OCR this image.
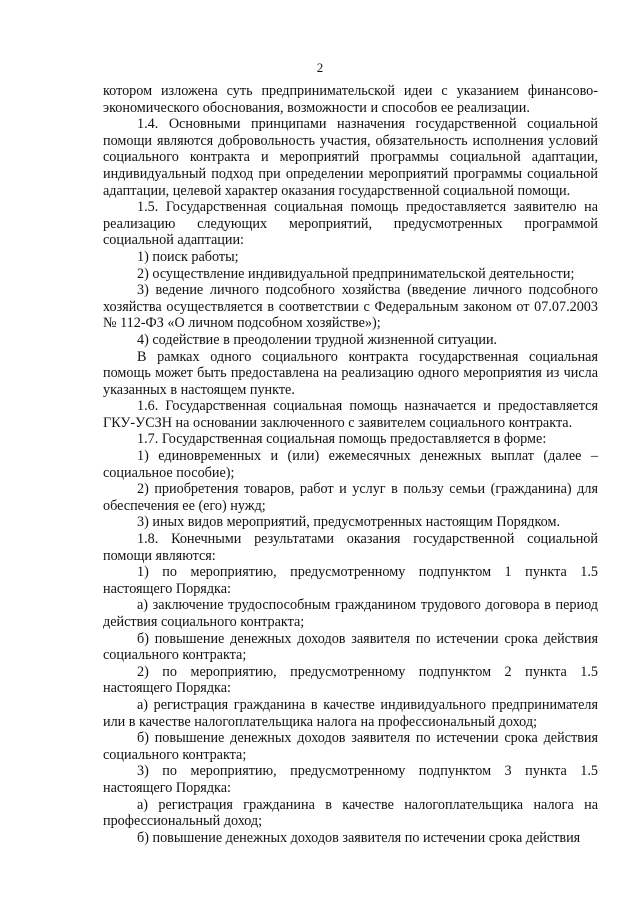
2

котором изложена суть предпринимательской идеи с указанием финансово-экономического обоснования, возможности и способов ее реализации.

1.4. Основными принципами назначения государственной социальной помощи являются добровольность участия, обязательность исполнения условий социального контракта и мероприятий программы социальной адаптации, индивидуальный подход при определении мероприятий программы социальной адаптации, целевой характер оказания государственной социальной помощи.

1.5. Государственная социальная помощь предоставляется заявителю на реализацию следующих мероприятий, предусмотренных программой социальной адаптации:

1) поиск работы;

2) осуществление индивидуальной предпринимательской деятельности;

3) ведение личного подсобного хозяйства (введение личного подсобного хозяйства осуществляется в соответствии с Федеральным законом от 07.07.2003 № 112-ФЗ «О личном подсобном хозяйстве»);

4) содействие в преодолении трудной жизненной ситуации.

В рамках одного социального контракта государственная социальная помощь может быть предоставлена на реализацию одного мероприятия из числа указанных в настоящем пункте.

1.6. Государственная социальная помощь назначается и предоставляется ГКУ-УСЗН на основании заключенного с заявителем социального контракта.

1.7. Государственная социальная помощь предоставляется в форме:

1) единовременных и (или) ежемесячных денежных выплат (далее – социальное пособие);

2) приобретения товаров, работ и услуг в пользу семьи (гражданина) для обеспечения ее (его) нужд;

3) иных видов мероприятий, предусмотренных настоящим Порядком.

1.8. Конечными результатами оказания государственной социальной помощи являются:

1) по мероприятию, предусмотренному подпунктом 1 пункта 1.5 настоящего Порядка:

а) заключение трудоспособным гражданином трудового договора в период действия социального контракта;

б) повышение денежных доходов заявителя по истечении срока действия социального контракта;

2) по мероприятию, предусмотренному подпунктом 2 пункта 1.5 настоящего Порядка:

а) регистрация гражданина в качестве индивидуального предпринимателя или в качестве налогоплательщика налога на профессиональный доход;

б) повышение денежных доходов заявителя по истечении срока действия социального контракта;

3) по мероприятию, предусмотренному подпунктом 3 пункта 1.5 настоящего Порядка:

а) регистрация гражданина в качестве налогоплательщика налога на профессиональный доход;

б) повышение денежных доходов заявителя по истечении срока действия
